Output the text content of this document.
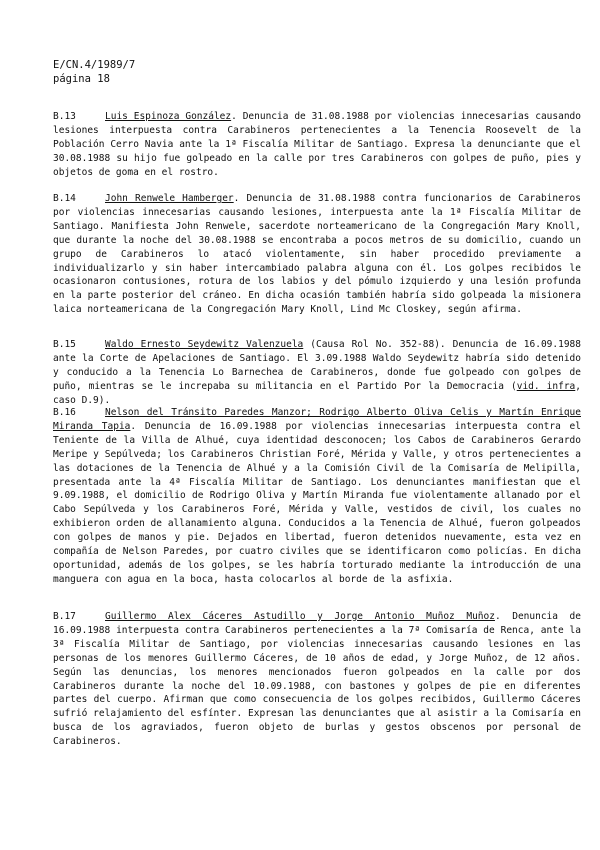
E/CN.4/1989/7
página 18
B.13	Luis Espinoza González. Denuncia de 31.08.1988 por violencias innecesarias causando lesiones interpuesta contra Carabineros pertenecientes a la Tenencia Roosevelt de la Población Cerro Navia ante la 1ª Fiscalía Militar de Santiago. Expresa la denunciante que el 30.08.1988 su hijo fue golpeado en la calle por tres Carabineros con golpes de puño, pies y objetos de goma en el rostro.
B.14	John Renwele Hamberger. Denuncia de 31.08.1988 contra funcionarios de Carabineros por violencias innecesarias causando lesiones, interpuesta ante la 1ª Fiscalía Militar de Santiago. Manifiesta John Renwele, sacerdote norteamericano de la Congregación Mary Knoll, que durante la noche del 30.08.1988 se encontraba a pocos metros de su domicilio, cuando un grupo de Carabineros lo atacó violentamente, sin haber procedido previamente a individualizarlo y sin haber intercambiado palabra alguna con él. Los golpes recibidos le ocasionaron contusiones, rotura de los labios y del pómulo izquierdo y una lesión profunda en la parte posterior del cráneo. En dicha ocasión también habría sido golpeada la misionera laica norteamericana de la Congregación Mary Knoll, Lind Mc Closkey, según afirma.
B.15	Waldo Ernesto Seydewitz Valenzuela (Causa Rol No. 352-88). Denuncia de 16.09.1988 ante la Corte de Apelaciones de Santiago. El 3.09.1988 Waldo Seydewitz habría sido detenido y conducido a la Tenencia Lo Barnechea de Carabineros, donde fue golpeado con golpes de puño, mientras se le increpaba su militancia en el Partido Por la Democracia (vid. infra, caso D.9).
B.16	Nelson del Tránsito Paredes Manzor; Rodrigo Alberto Oliva Celis y Martín Enrique Miranda Tapia. Denuncia de 16.09.1988 por violencias innecesarias interpuesta contra el Teniente de la Villa de Alhué, cuya identidad desconocen; los Cabos de Carabineros Gerardo Meripe y Sepúlveda; los Carabineros Christian Foré, Mérida y Valle, y otros pertenecientes a las dotaciones de la Tenencia de Alhué y a la Comisión Civil de la Comisaría de Melipilla, presentada ante la 4ª Fiscalía Militar de Santiago. Los denunciantes manifiestan que el 9.09.1988, el domicilio de Rodrigo Oliva y Martín Miranda fue violentamente allanado por el Cabo Sepúlveda y los Carabineros Foré, Mérida y Valle, vestidos de civil, los cuales no exhibieron orden de allanamiento alguna. Conducidos a la Tenencia de Alhué, fueron golpeados con golpes de manos y pie. Dejados en libertad, fueron detenidos nuevamente, esta vez en compañía de Nelson Paredes, por cuatro civiles que se identificaron como policías. En dicha oportunidad, además de los golpes, se les habría torturado mediante la introducción de una manguera con agua en la boca, hasta colocarlos al borde de la asfixia.
B.17	Guillermo Alex Cáceres Astudillo y Jorge Antonio Muñoz Muñoz. Denuncia de 16.09.1988 interpuesta contra Carabineros pertenecientes a la 7ª Comisaría de Renca, ante la 3ª Fiscalía Militar de Santiago, por violencias innecesarias causando lesiones en las personas de los menores Guillermo Cáceres, de 10 años de edad, y Jorge Muñoz, de 12 años. Según las denuncias, los menores mencionados fueron golpeados en la calle por dos Carabineros durante la noche del 10.09.1988, con bastones y golpes de pie en diferentes partes del cuerpo. Afirman que como consecuencia de los golpes recibidos, Guillermo Cáceres sufrió relajamiento del esfínter. Expresan las denunciantes que al asistir a la Comisaría en busca de los agraviados, fueron objeto de burlas y gestos obscenos por personal de Carabineros.
